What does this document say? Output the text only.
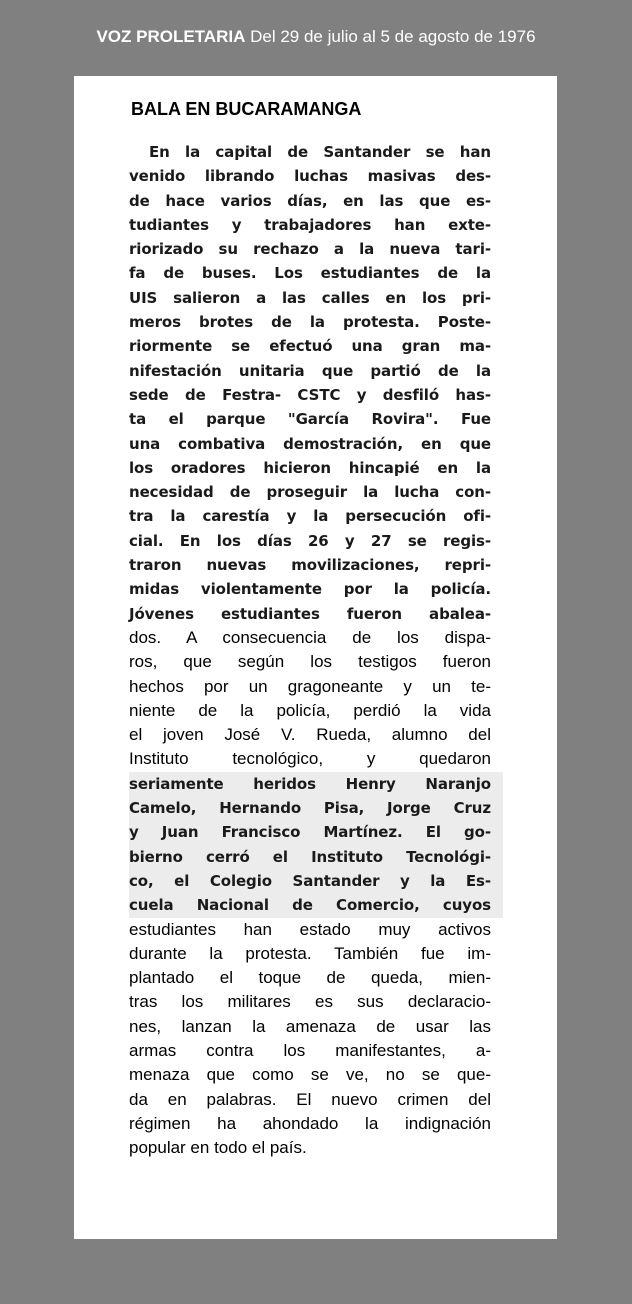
VOZ PROLETARIA Del 29 de julio al 5 de agosto de 1976
BALA EN BUCARAMANGA
En la capital de Santander se han
venido librando luchas masivas des-
de hace varios días, en las que es-
tudiantes y trabajadores han exte-
riorizado su rechazo a la nueva tari-
fa de buses. Los estudiantes de la
UIS salieron a las calles en los pri-
meros brotes de la protesta. Poste-
riormente se efectuó una gran ma-
nifestación unitaria que partió de la
sede de Festra- CSTC y desfiló has-
ta el parque "García Rovira". Fue
una combativa demostración, en que
los oradores hicieron hincapié en la
necesidad de proseguir la lucha con-
tra la carestía y la persecución ofi-
cial. En los días 26 y 27 se regis-
traron nuevas movilizaciones, repri-
midas violentamente por la policía.
Jóvenes estudiantes fueron abalea-
dos. A consecuencia de los dispa-
ros, que según los testigos fueron
hechos por un gragoneante y un te-
niente de la policía, perdió la vida
el joven José V. Rueda, alumno del
Instituto tecnológico, y quedaron
seriamente heridos Henry Naranjo
Camelo, Hernando Pisa, Jorge Cruz
y Juan Francisco Martínez. El go-
bierno cerró el Instituto Tecnológi-
co, el Colegio Santander y la Es-
cuela Nacional de Comercio, cuyos
estudiantes han estado muy activos
durante la protesta. También fue im-
plantado el toque de queda, mien-
tras los militares es sus declaracio-
nes, lanzan la amenaza de usar las
armas contra los manifestantes, a-
menaza que como se ve, no se que-
da en palabras. El nuevo crimen del
régimen ha ahondado la indignación
popular en todo el país.
